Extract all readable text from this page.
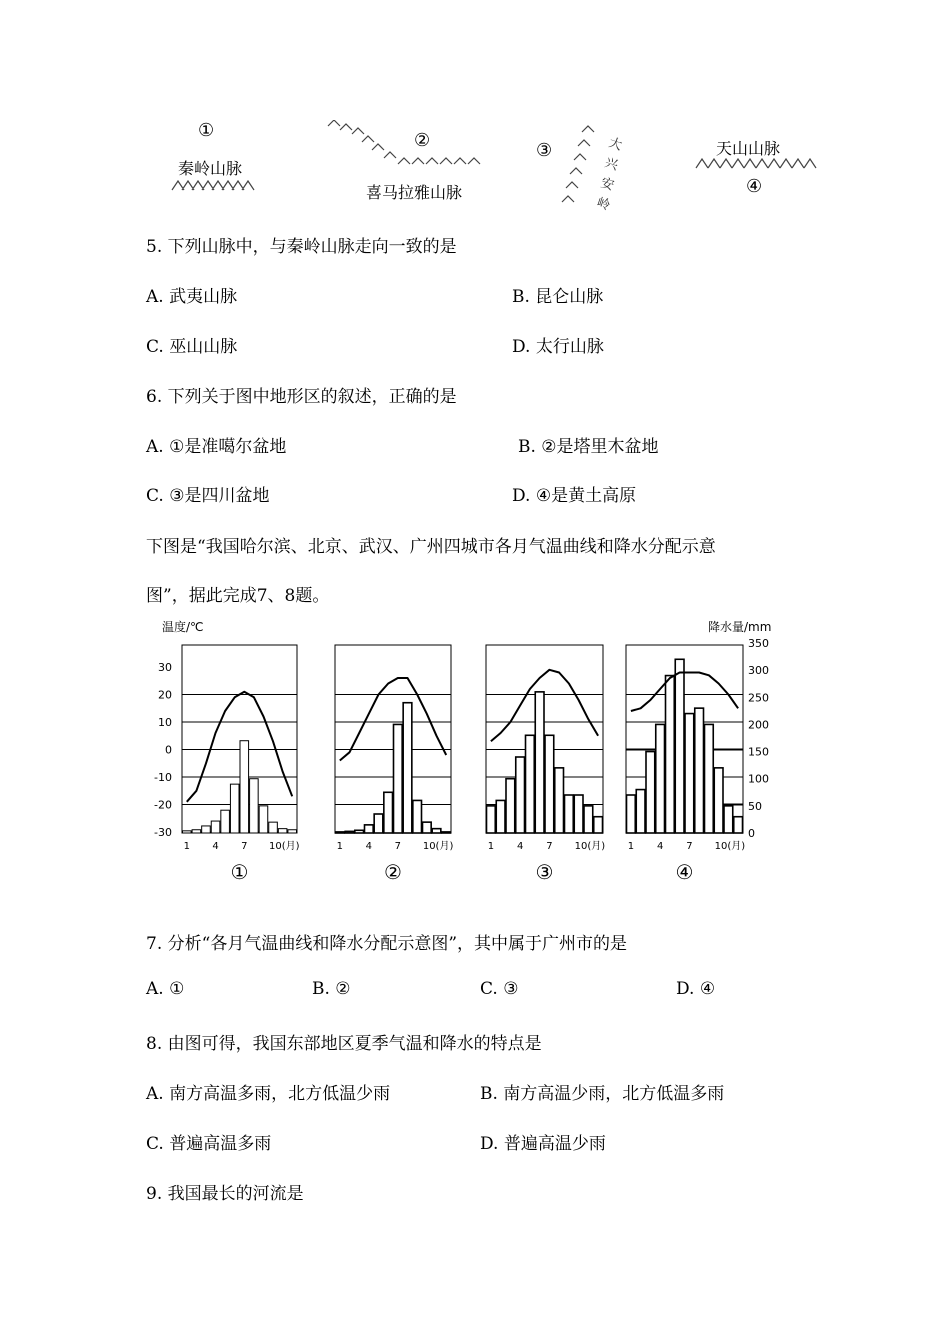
①
秦岭山脉
②
喜马拉雅山脉
③	大
兴
安
岭
天山山脉
④
5. 下列山脉中，与秦岭山脉走向一致的是
A. 武夷山脉	B. 昆仑山脉
C. 巫山山脉	D. 太行山脉
6. 下列关于图中地形区的叙述，正确的是
A. ①是准噶尔盆地	B. ②是塔里木盆地
C. ③是四川盆地	D. ④是黄土高原
下图是“我国哈尔滨、北京、武汉、广州四城市各月气温曲线和降水分配示意
图”，据此完成7、8题。
温度/℃	降水量/mm
30
20
10
0
-10
-20
-30
350
300
250
200
150
100
50
0
1 4 7 10(月)
①
1 4 7 10(月)
②
1 4 7 10(月)
③
1 4 7 10(月)
④
7. 分析“各月气温曲线和降水分配示意图”，其中属于广州市的是
A. ①	B. ②	C. ③	D. ④
8. 由图可得，我国东部地区夏季气温和降水的特点是
A. 南方高温多雨，北方低温少雨	B. 南方高温少雨，北方低温多雨
C. 普遍高温多雨	D. 普遍高温少雨
9. 我国最长的河流是
